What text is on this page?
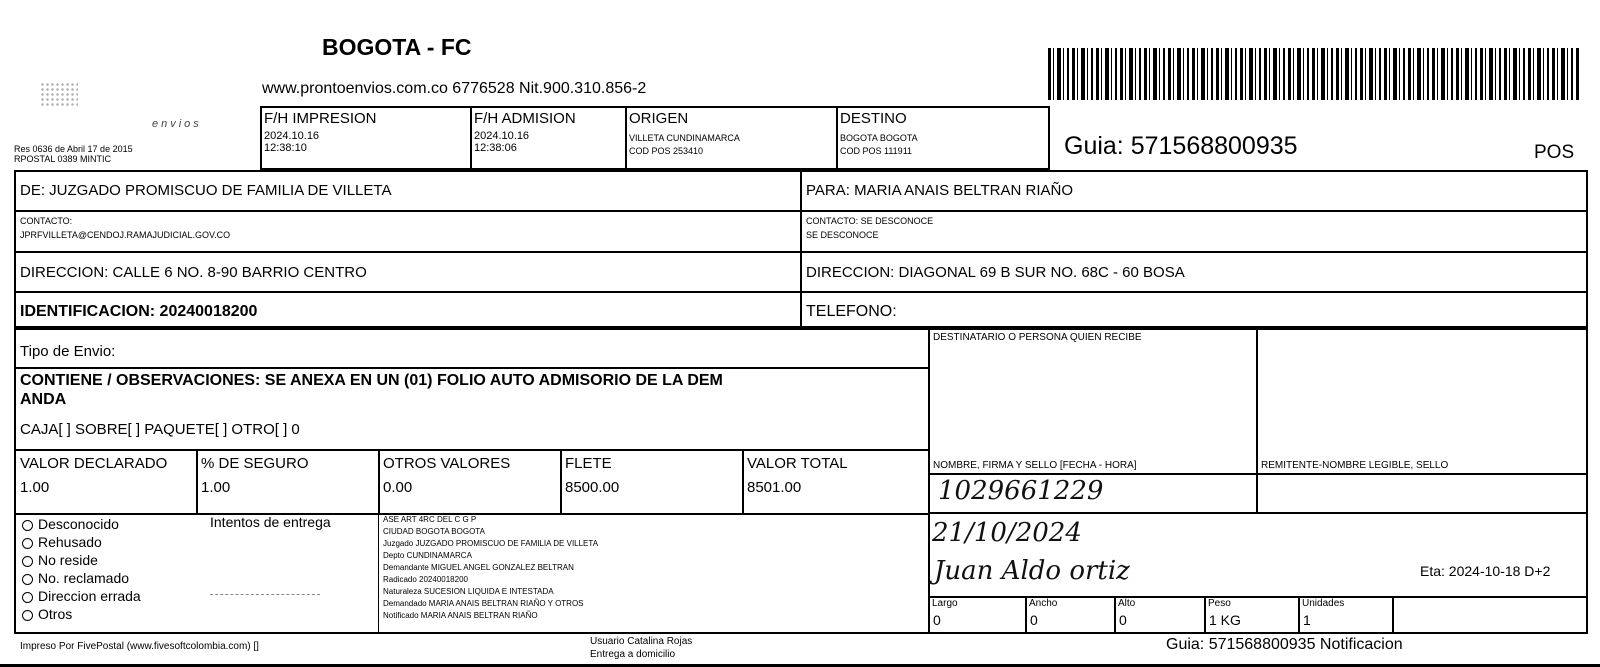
BOGOTA - FC
www.prontoenvios.com.co 6776528 Nit.900.310.856-2
envios
Res 0636 de Abril 17 de 2015
RPOSTAL 0389 MINTIC	Guia: 571568800935	POS
F/H IMPRESION
2024.10.16
12:38:10
F/H ADMISION
2024.10.16
12:38:06
ORIGEN
VILLETA CUNDINAMARCA
COD POS 253410
DESTINO
BOGOTA BOGOTA
COD POS 111911
DE: JUZGADO PROMISCUO DE FAMILIA DE VILLETA
CONTACTO:
JPRFVILLETA@CENDOJ.RAMAJUDICIAL.GOV.CO
DIRECCION: CALLE 6 NO. 8-90 BARRIO CENTRO
IDENTIFICACION: 20240018200
PARA: MARIA ANAIS BELTRAN RIAÑO
CONTACTO: SE DESCONOCE
SE DESCONOCE
DIRECCION: DIAGONAL 69 B SUR NO. 68C - 60 BOSA
TELEFONO:
Tipo de Envio:
CONTIENE / OBSERVACIONES: SE ANEXA EN UN (01) FOLIO AUTO ADMISORIO DE LA DEM
ANDA
CAJA[ ] SOBRE[ ] PAQUETE[ ] OTRO[ ] 0
VALOR DECLARADO
1.00
% DE SEGURO
1.00
OTROS VALORES
0.00
FLETE
8500.00
VALOR TOTAL
8501.00
Desconocido
Rehusado
No reside
No. reclamado
Direccion errada
Otros
Intentos de entrega	ASE ART 4RC DEL C G P
CIUDAD BOGOTA BOGOTA
Juzgado JUZGADO PROMISCUO DE FAMILIA DE VILLETA
Depto CUNDINAMARCA
Demandante MIGUEL ANGEL GONZALEZ BELTRAN
Radicado 20240018200
Naturaleza SUCESION LIQUIDA E INTESTADA
Demandado MARIA ANAIS BELTRAN RIAÑO Y OTROS
Notificado MARIA ANAIS BELTRAN RIAÑO
DESTINATARIO O PERSONA QUIEN RECIBE
NOMBRE, FIRMA Y SELLO [FECHA - HORA]	REMITENTE-NOMBRE LEGIBLE, SELLO
1029661229
21/10/2024
Juan Aldo ortiz	Eta: 2024-10-18 D+2
Largo
0
Ancho
0
Alto
0
Peso
1 KG
Unidades
1
Impreso Por FivePostal (www.fivesoftcolombia.com) []	Usuario Catalina Rojas
Entrega a domicilio
Guia: 571568800935 Notificacion
